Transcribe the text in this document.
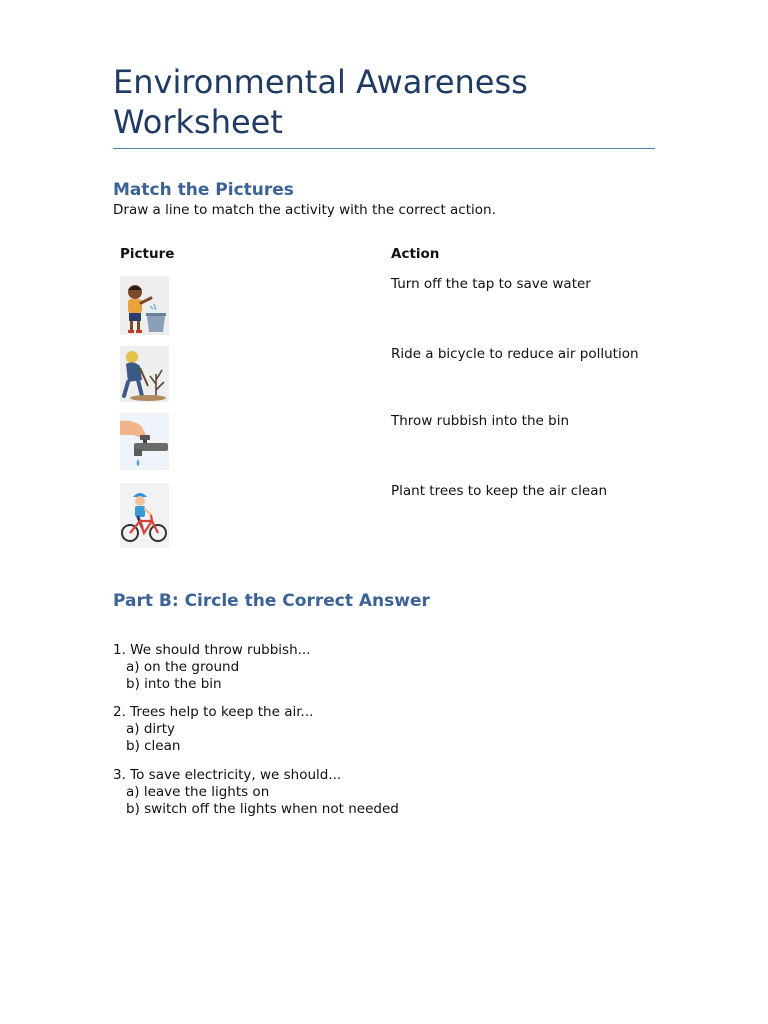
Environmental Awareness Worksheet
Match the Pictures

Draw a line to match the activity with the correct action.

Picture	Action
Turn off the tap to save water
Ride a bicycle to reduce air pollution
Throw rubbish into the bin
Plant trees to keep the air clean
Part B: Circle the Correct Answer
1. We should throw rubbish...
a) on the ground
b) into the bin
2. Trees help to keep the air...
a) dirty
b) clean
3. To save electricity, we should...
a) leave the lights on
b) switch off the lights when not needed
